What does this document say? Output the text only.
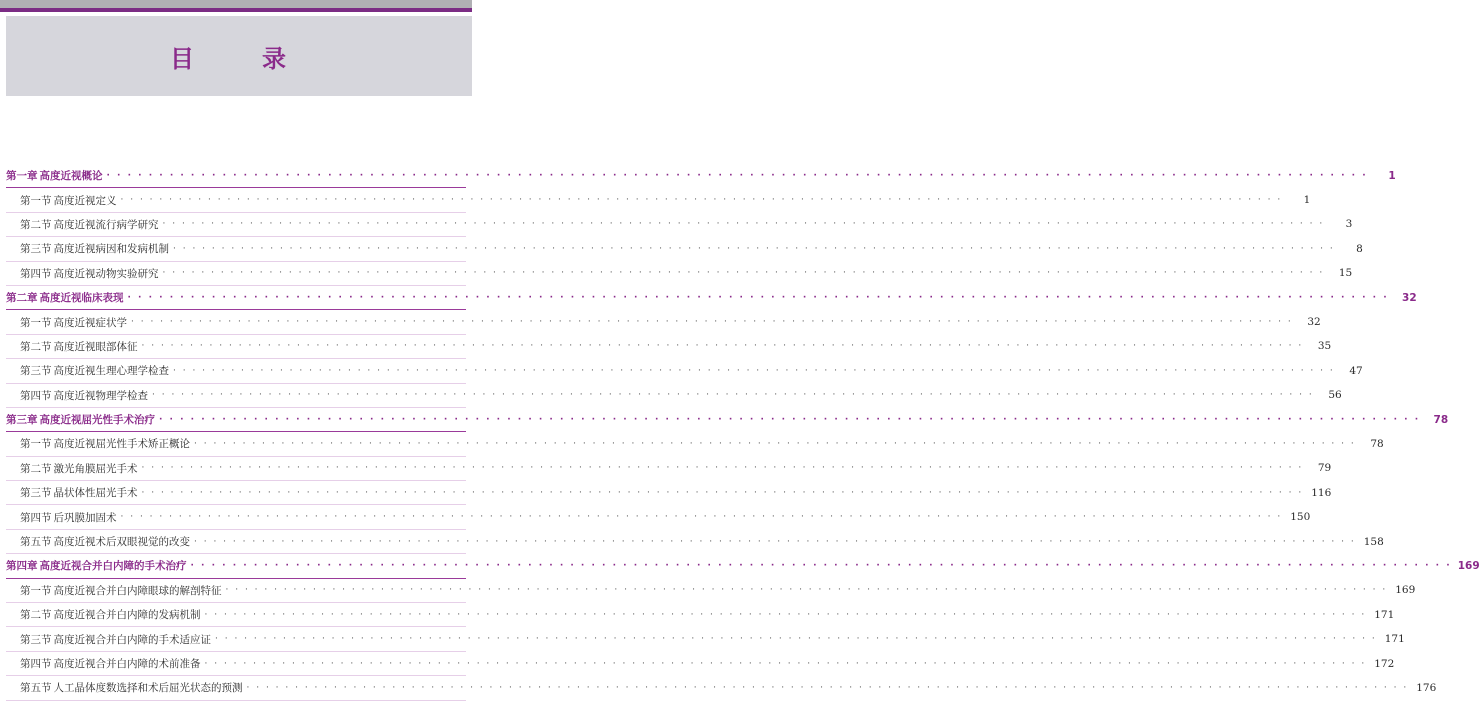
目　录
第一章 高度近视概论 · · · · · · · · · · · · · · · · · · · · · · · · · · · · · · · · · · · · · · · · · · · · · · · · · · · · · · · · · · · · · · · · · · · · · · · · · · · · · · · · · · · · · · · · · · · · · · · · · · · · · · · · · · · · · · · · · · · · · · · ·	1
第一节 高度近视定义 · · · · · · · · · · · · · · · · · · · · · · · · · · · · · · · · · · · · · · · · · · · · · · · · · · · · · · · · · · · · · · · · · · · · · · · · · · · · · · · · · · · · · · · · · · · · · · · · · · · · · · · · · · · · · · · · · · · · · · · ·	1
第二节 高度近视流行病学研究 · · · · · · · · · · · · · · · · · · · · · · · · · · · · · · · · · · · · · · · · · · · · · · · · · · · · · · · · · · · · · · · · · · · · · · · · · · · · · · · · · · · · · · · · · · · · · · · · · · · · · · · · · · · · · · · · · · · · · · · ·	3
第三节 高度近视病因和发病机制 · · · · · · · · · · · · · · · · · · · · · · · · · · · · · · · · · · · · · · · · · · · · · · · · · · · · · · · · · · · · · · · · · · · · · · · · · · · · · · · · · · · · · · · · · · · · · · · · · · · · · · · · · · · · · · · · · · · · · · · ·	8
第四节 高度近视动物实验研究 · · · · · · · · · · · · · · · · · · · · · · · · · · · · · · · · · · · · · · · · · · · · · · · · · · · · · · · · · · · · · · · · · · · · · · · · · · · · · · · · · · · · · · · · · · · · · · · · · · · · · · · · · · · · · · · · · · · · · · · ·	15
第二章 高度近视临床表现 · · · · · · · · · · · · · · · · · · · · · · · · · · · · · · · · · · · · · · · · · · · · · · · · · · · · · · · · · · · · · · · · · · · · · · · · · · · · · · · · · · · · · · · · · · · · · · · · · · · · · · · · · · · · · · · · · · · · · · · ·	32
第一节 高度近视症状学 · · · · · · · · · · · · · · · · · · · · · · · · · · · · · · · · · · · · · · · · · · · · · · · · · · · · · · · · · · · · · · · · · · · · · · · · · · · · · · · · · · · · · · · · · · · · · · · · · · · · · · · · · · · · · · · · · · · · · · · ·	32
第二节 高度近视眼部体征 · · · · · · · · · · · · · · · · · · · · · · · · · · · · · · · · · · · · · · · · · · · · · · · · · · · · · · · · · · · · · · · · · · · · · · · · · · · · · · · · · · · · · · · · · · · · · · · · · · · · · · · · · · · · · · · · · · · · · · · ·	35
第三节 高度近视生理心理学检查 · · · · · · · · · · · · · · · · · · · · · · · · · · · · · · · · · · · · · · · · · · · · · · · · · · · · · · · · · · · · · · · · · · · · · · · · · · · · · · · · · · · · · · · · · · · · · · · · · · · · · · · · · · · · · · · · · · · · · · · ·	47
第四节 高度近视物理学检查 · · · · · · · · · · · · · · · · · · · · · · · · · · · · · · · · · · · · · · · · · · · · · · · · · · · · · · · · · · · · · · · · · · · · · · · · · · · · · · · · · · · · · · · · · · · · · · · · · · · · · · · · · · · · · · · · · · · · · · · ·	56
第三章 高度近视屈光性手术治疗 · · · · · · · · · · · · · · · · · · · · · · · · · · · · · · · · · · · · · · · · · · · · · · · · · · · · · · · · · · · · · · · · · · · · · · · · · · · · · · · · · · · · · · · · · · · · · · · · · · · · · · · · · · · · · · · · · · · · · · · ·	78
第一节 高度近视屈光性手术矫正概论 · · · · · · · · · · · · · · · · · · · · · · · · · · · · · · · · · · · · · · · · · · · · · · · · · · · · · · · · · · · · · · · · · · · · · · · · · · · · · · · · · · · · · · · · · · · · · · · · · · · · · · · · · · · · · · · · · · · · · · · ·	78
第二节 激光角膜屈光手术 · · · · · · · · · · · · · · · · · · · · · · · · · · · · · · · · · · · · · · · · · · · · · · · · · · · · · · · · · · · · · · · · · · · · · · · · · · · · · · · · · · · · · · · · · · · · · · · · · · · · · · · · · · · · · · · · · · · · · · · ·	79
第三节 晶状体性屈光手术 · · · · · · · · · · · · · · · · · · · · · · · · · · · · · · · · · · · · · · · · · · · · · · · · · · · · · · · · · · · · · · · · · · · · · · · · · · · · · · · · · · · · · · · · · · · · · · · · · · · · · · · · · · · · · · · · · · · · · · · · 116
第四节 后巩膜加固术 · · · · · · · · · · · · · · · · · · · · · · · · · · · · · · · · · · · · · · · · · · · · · · · · · · · · · · · · · · · · · · · · · · · · · · · · · · · · · · · · · · · · · · · · · · · · · · · · · · · · · · · · · · · · · · · · · · · · · · · · 150
第五节 高度近视术后双眼视觉的改变 · · · · · · · · · · · · · · · · · · · · · · · · · · · · · · · · · · · · · · · · · · · · · · · · · · · · · · · · · · · · · · · · · · · · · · · · · · · · · · · · · · · · · · · · · · · · · · · · · · · · · · · · · · · · · · · · · · · · · · · · 158
第四章 高度近视合并白内障的手术治疗 · · · · · · · · · · · · · · · · · · · · · · · · · · · · · · · · · · · · · · · · · · · · · · · · · · · · · · · · · · · · · · · · · · · · · · · · · · · · · · · · · · · · · · · · · · · · · · · · · · · · · · · · · · · · · · · · · · · · · · · · 169
第一节 高度近视合并白内障眼球的解剖特征 · · · · · · · · · · · · · · · · · · · · · · · · · · · · · · · · · · · · · · · · · · · · · · · · · · · · · · · · · · · · · · · · · · · · · · · · · · · · · · · · · · · · · · · · · · · · · · · · · · · · · · · · · · · · · · · · · · · · · · · · 169
第二节 高度近视合并白内障的发病机制 · · · · · · · · · · · · · · · · · · · · · · · · · · · · · · · · · · · · · · · · · · · · · · · · · · · · · · · · · · · · · · · · · · · · · · · · · · · · · · · · · · · · · · · · · · · · · · · · · · · · · · · · · · · · · · · · · · · · · · · · 171
第三节 高度近视合并白内障的手术适应证 · · · · · · · · · · · · · · · · · · · · · · · · · · · · · · · · · · · · · · · · · · · · · · · · · · · · · · · · · · · · · · · · · · · · · · · · · · · · · · · · · · · · · · · · · · · · · · · · · · · · · · · · · · · · · · · · · · · · · · · · 171
第四节 高度近视合并白内障的术前准备 · · · · · · · · · · · · · · · · · · · · · · · · · · · · · · · · · · · · · · · · · · · · · · · · · · · · · · · · · · · · · · · · · · · · · · · · · · · · · · · · · · · · · · · · · · · · · · · · · · · · · · · · · · · · · · · · · · · · · · · · 172
第五节 人工晶体度数选择和术后屈光状态的预测 · · · · · · · · · · · · · · · · · · · · · · · · · · · · · · · · · · · · · · · · · · · · · · · · · · · · · · · · · · · · · · · · · · · · · · · · · · · · · · · · · · · · · · · · · · · · · · · · · · · · · · · · · · · · · · · · · · · · · · · · 176
